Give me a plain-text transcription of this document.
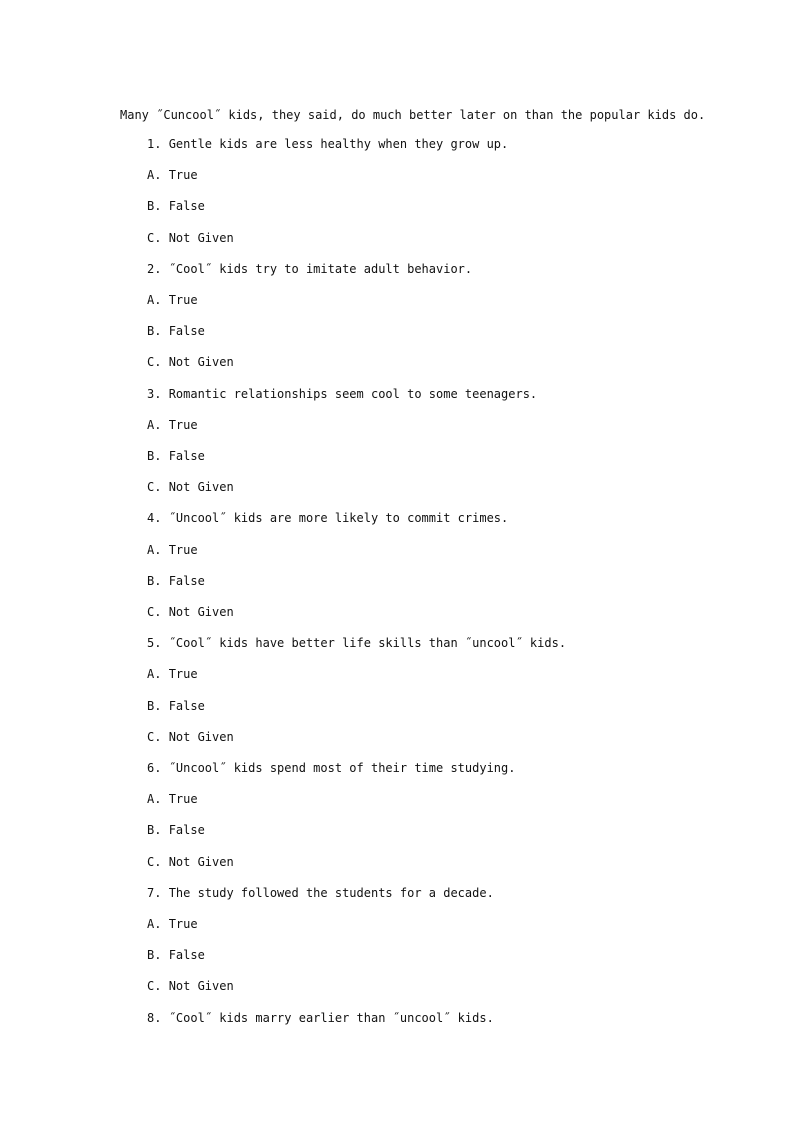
Many ˝Cuncool˝ kids, they said, do much better later on than the popular kids do.
1. Gentle kids are less healthy when they grow up.
A. True
B. False
C. Not Given
2. ˝Cool˝ kids try to imitate adult behavior.
A. True
B. False
C. Not Given
3. Romantic relationships seem cool to some teenagers.
A. True
B. False
C. Not Given
4. ˝Uncool˝ kids are more likely to commit crimes.
A. True
B. False
C. Not Given
5. ˝Cool˝ kids have better life skills than ˝uncool˝ kids.
A. True
B. False
C. Not Given
6. ˝Uncool˝ kids spend most of their time studying.
A. True
B. False
C. Not Given
7. The study followed the students for a decade.
A. True
B. False
C. Not Given
8. ˝Cool˝ kids marry earlier than ˝uncool˝ kids.
